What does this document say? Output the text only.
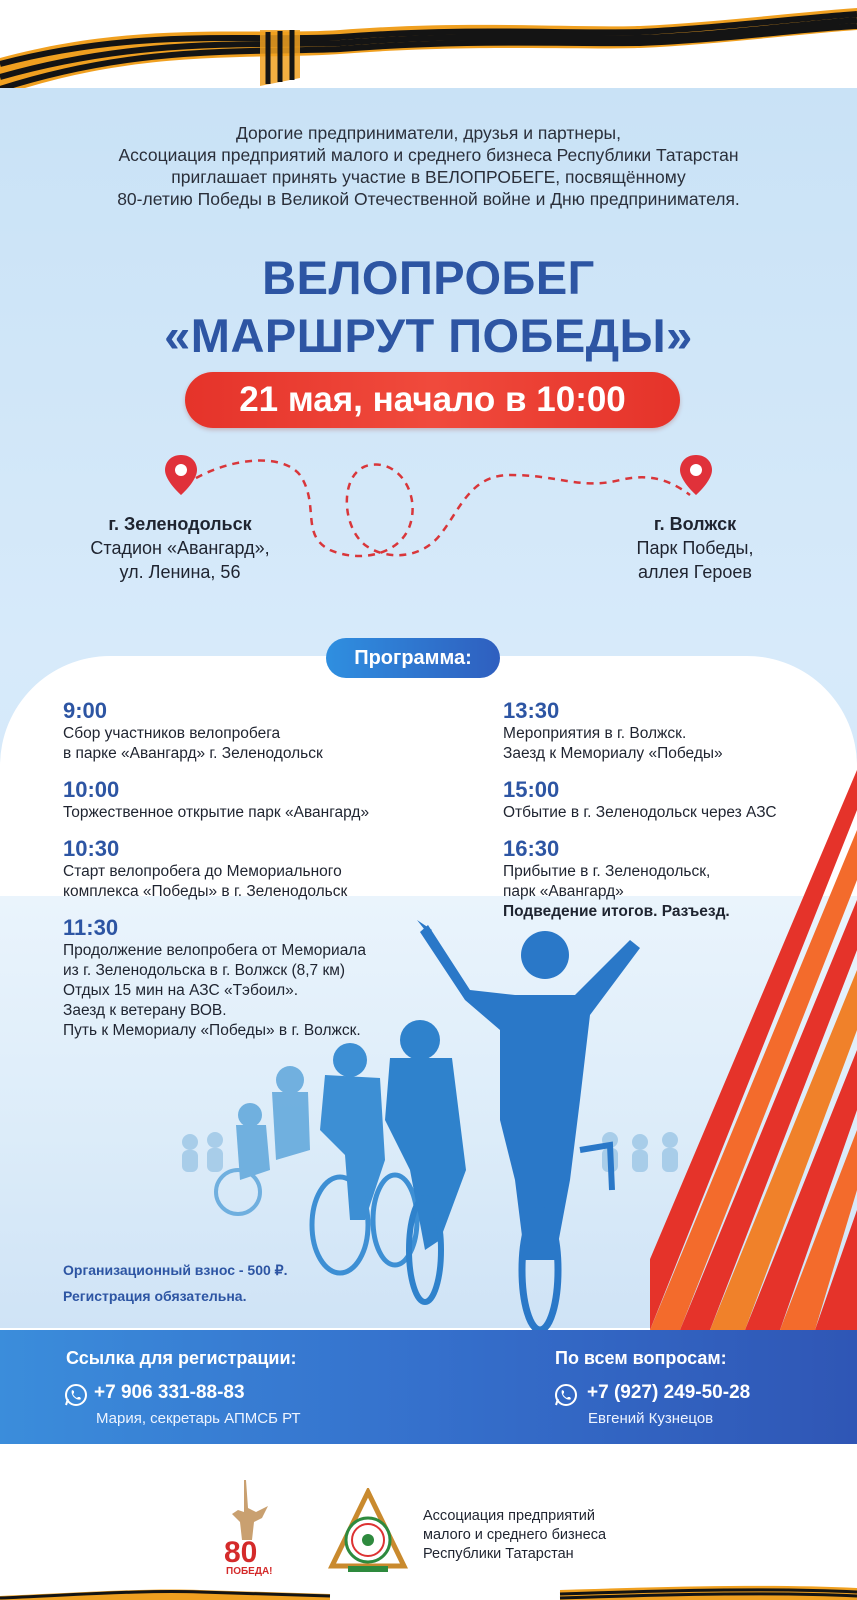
Дорогие предприниматели, друзья и партнеры,
Ассоциация предприятий малого и среднего бизнеса Республики Татарстан
приглашает принять участие в ВЕЛОПРОБЕГЕ, посвящённому
80-летию Победы в Великой Отечественной войне и Дню предпринимателя.
ВЕЛОПРОБЕГ
«МАРШРУТ ПОБЕДЫ»
21 мая, начало в 10:00
г. Зеленодольск
Стадион «Авангард»,
ул. Ленина, 56
г. Волжск
Парк Победы,
аллея Героев
Программа:
9:00
Сбор участников велопробега
в парке «Авангард» г. Зеленодольск
10:00
Торжественное открытие парк «Авангард»
10:30
Старт велопробега до Мемориального
комплекса «Победы» в г. Зеленодольск
11:30
Продолжение велопробега от Мемориала
из г. Зеленодольска в г. Волжск (8,7 км)
Отдых 15 мин на АЗС «Тэбоил».
Заезд к ветерану ВОВ.
Путь к Мемориалу «Победы» в г. Волжск.
13:30
Мероприятия в г. Волжск.
Заезд к Мемориалу «Победы»
15:00
Отбытие в г. Зеленодольск через АЗС
16:30
Прибытие в г. Зеленодольск,
парк «Авангард»
Подведение итогов. Разъезд.
Организационный взнос - 500 ₽.
Регистрация обязательна.
Ссылка для регистрации:
+7 906 331-88-83
Мария, секретарь АПМСБ РТ
По всем вопросам:
+7 (927) 249-50-28
Евгений Кузнецов
80
ПОБЕДА!
Ассоциация предприятий
малого и среднего бизнеса
Республики Татарстан
